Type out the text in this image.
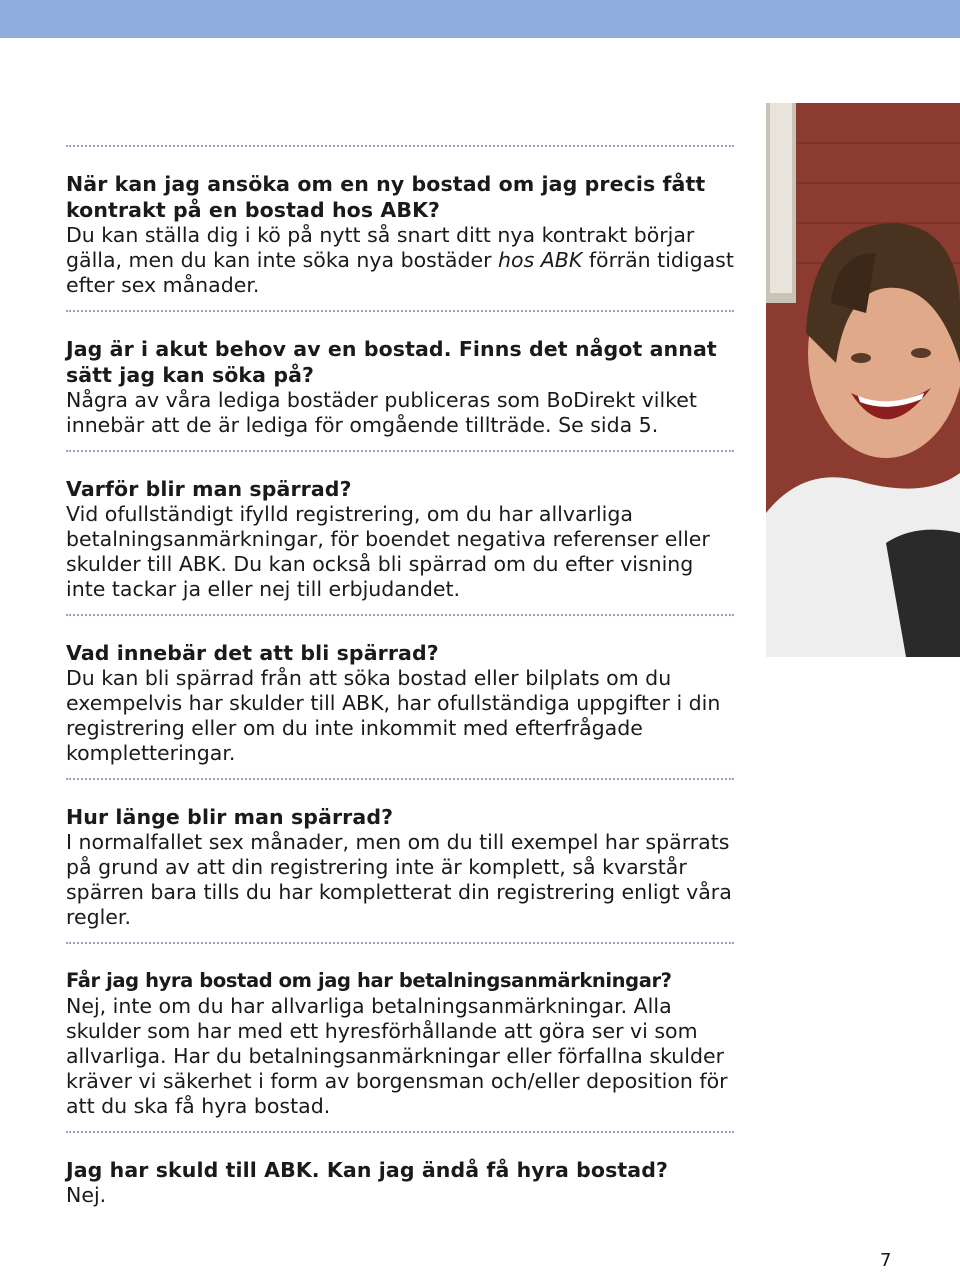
När kan jag ansöka om en ny bostad om jag precis fått kontrakt på en bostad hos ABK?

Du kan ställa dig i kö på nytt så snart ditt nya kontrakt börjar gälla, men du kan inte söka nya bostäder hos ABK förrän tidigast efter sex månader.

Jag är i akut behov av en bostad. Finns det något annat sätt jag kan söka på?

Några av våra lediga bostäder publiceras som BoDirekt vilket innebär att de är lediga för omgående tillträde. Se sida 5.

Varför blir man spärrad?

Vid ofullständigt ifylld registrering, om du har allvarliga betalningsanmärkningar, för boendet negativa referenser eller skulder till ABK. Du kan också bli spärrad om du efter visning inte tackar ja eller nej till erbjudandet.

Vad innebär det att bli spärrad?

Du kan bli spärrad från att söka bostad eller bilplats om du exempelvis har skulder till ABK, har ofullständiga uppgifter i din registrering eller om du inte inkommit med efterfrågade kompletteringar.

Hur länge blir man spärrad?

I normalfallet sex månader, men om du till exempel har spärrats på grund av att din registrering inte är komplett, så kvarstår spärren bara tills du har kompletterat din registrering enligt våra regler.

Får jag hyra bostad om jag har betalningsanmärkningar?

Nej, inte om du har allvarliga betalningsanmärkningar. Alla skulder som har med ett hyresförhållande att göra ser vi som allvarliga. Har du betalningsanmärkningar eller förfallna skulder kräver vi säkerhet i form av borgensman och/eller deposition för att du ska få hyra bostad.

Jag har skuld till ABK. Kan jag ändå få hyra bostad?

Nej.

7
